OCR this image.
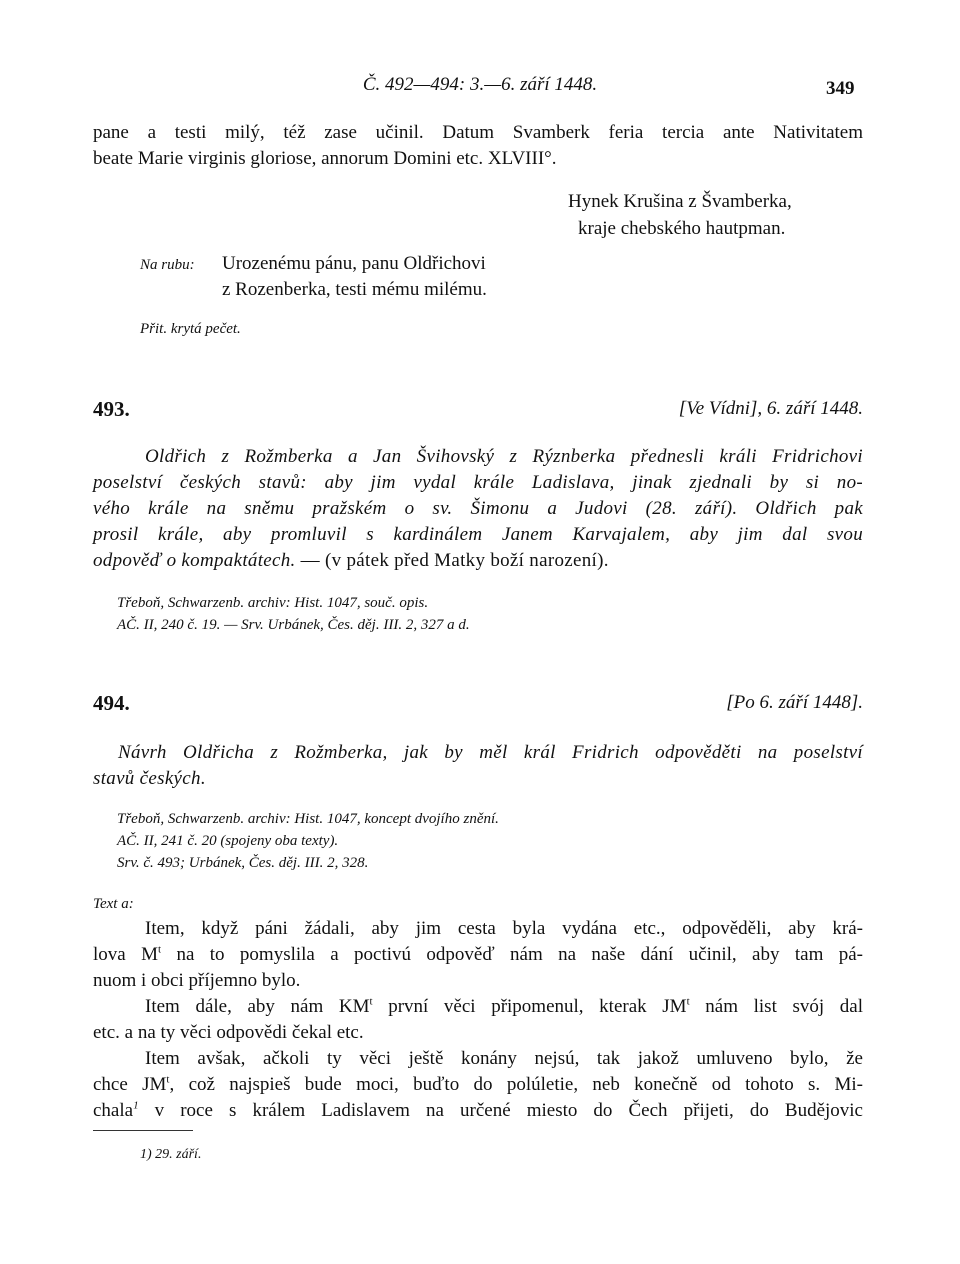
Č. 492—494: 3.—6. září 1448.	349
pane a testi milý, též zase učinil. Datum Svamberk feria tercia ante Nativitatem
beate Marie virginis gloriose, annorum Domini etc. XLVIII°.
Hynek Krušina z Švamberka,
kraje chebského hautpman.
Na rubu: Urozenému pánu, panu Oldřichovi
z Rozenberka, testi mému milému.
Přit. krytá pečet.
493.	[Ve Vídni], 6. září 1448.
Oldřich z Rožmberka a Jan Švihovský z Rýznberka přednesli králi Fridrichovi
poselství českých stavů: aby jim vydal krále Ladislava, jinak zjednali by si no-
vého krále na sněmu pražském o sv. Šimonu a Judovi (28. září). Oldřich pak
prosil krále, aby promluvil s kardinálem Janem Karvajalem, aby jim dal svou
odpověď o kompaktátech. — (v pátek před Matky boží narození).
Třeboň, Schwarzenb. archiv: Hist. 1047, souč. opis.
AČ. II, 240 č. 19. — Srv. Urbánek, Čes. děj. III. 2, 327 a d.
494.	[Po 6. září 1448].
Návrh Oldřicha z Rožmberka, jak by měl král Fridrich odpověděti na poselství
stavů českých.
Třeboň, Schwarzenb. archiv: Hist. 1047, koncept dvojího znění.
AČ. II, 241 č. 20 (spojeny oba texty).
Srv. č. 493; Urbánek, Čes. děj. III. 2, 328.
Text a:
Item, když páni žádali, aby jim cesta byla vydána etc., odpověděli, aby krá-
lova $M^t$ na to pomyslila a poctivú odpověď nám na naše dání učinil, aby tam pá-
nuom i obci příjemno bylo.
Item dále, aby nám $KM^t$ první věci připomenul, kterak $JM^t$ nám list svój dal
etc. a na ty věci odpovědi čekal etc.
Item avšak, ačkoli ty věci ještě konány nejsú, tak jakož umluveno bylo, že
chce $JM^t$, což najspieš bude moci, buďto do polúletie, neb konečně od tohoto s. Mi-
chala$^1$ v roce s králem Ladislavem na určené miesto do Čech přijeti, do Budějovic
1) 29. září.
